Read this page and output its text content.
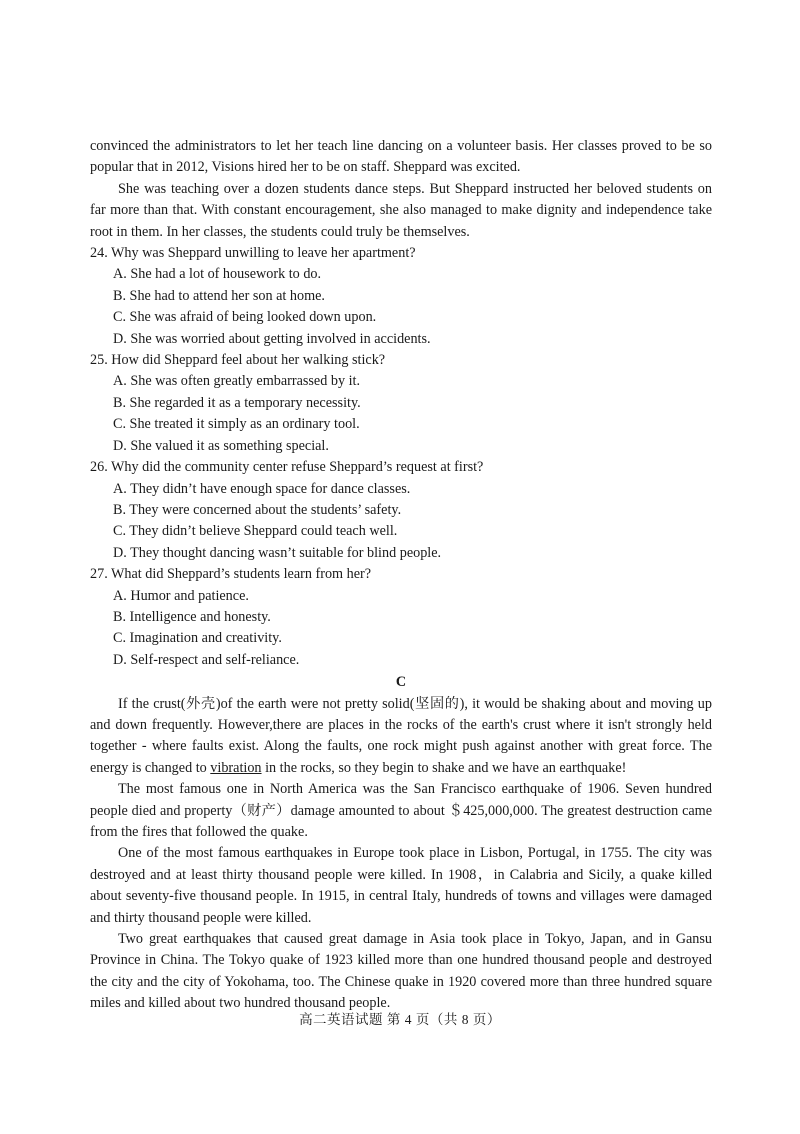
convinced the administrators to let her teach line dancing on a volunteer basis. Her classes proved to be so popular that in 2012, Visions hired her to be on staff. Sheppard was excited.

She was teaching over a dozen students dance steps. But Sheppard instructed her beloved students on far more than that. With constant encouragement, she also managed to make dignity and independence take root in them. In her classes, the students could truly be themselves.

24. Why was Sheppard unwilling to leave her apartment?

A. She had a lot of housework to do.

B. She had to attend her son at home.

C. She was afraid of being looked down upon.

D. She was worried about getting involved in accidents.

25. How did Sheppard feel about her walking stick?

A. She was often greatly embarrassed by it.

B. She regarded it as a temporary necessity.

C. She treated it simply as an ordinary tool.

D. She valued it as something special.

26. Why did the community center refuse Sheppard’s request at first?

A. They didn’t have enough space for dance classes.

B. They were concerned about the students’ safety.

C. They didn’t believe Sheppard could teach well.

D. They thought dancing wasn’t suitable for blind people.

27. What did Sheppard’s students learn from her?

A. Humor and patience.

B. Intelligence and honesty.

C. Imagination and creativity.

D. Self-respect and self-reliance.

C

If the crust(外壳)of the earth were not pretty solid(坚固的), it would be shaking about and moving up and down frequently. However,there are places in the rocks of the earth's crust where it isn't strongly held together - where faults exist. Along the faults, one rock might push against another with great force. The energy is changed to vibration in the rocks, so they begin to shake and we have an earthquake!

The most famous one in North America was the San Francisco earthquake of 1906. Seven hundred people died and property（财产）damage amounted to about ＄425,000,000. The greatest destruction came from the fires that followed the quake.

One of the most famous earthquakes in Europe took place in Lisbon, Portugal, in 1755. The city was destroyed and at least thirty thousand people were killed. In 1908，in Calabria and Sicily, a quake killed about seventy-five thousand people. In 1915, in central Italy, hundreds of towns and villages were damaged and thirty thousand people were killed.

Two great earthquakes that caused great damage in Asia took place in Tokyo, Japan, and in Gansu Province in China. The Tokyo quake of 1923 killed more than one hundred thousand people and destroyed the city and the city of Yokohama, too. The Chinese quake in 1920 covered more than three hundred square miles and killed about two hundred thousand people.

高二英语试题 第 4 页（共 8 页）
